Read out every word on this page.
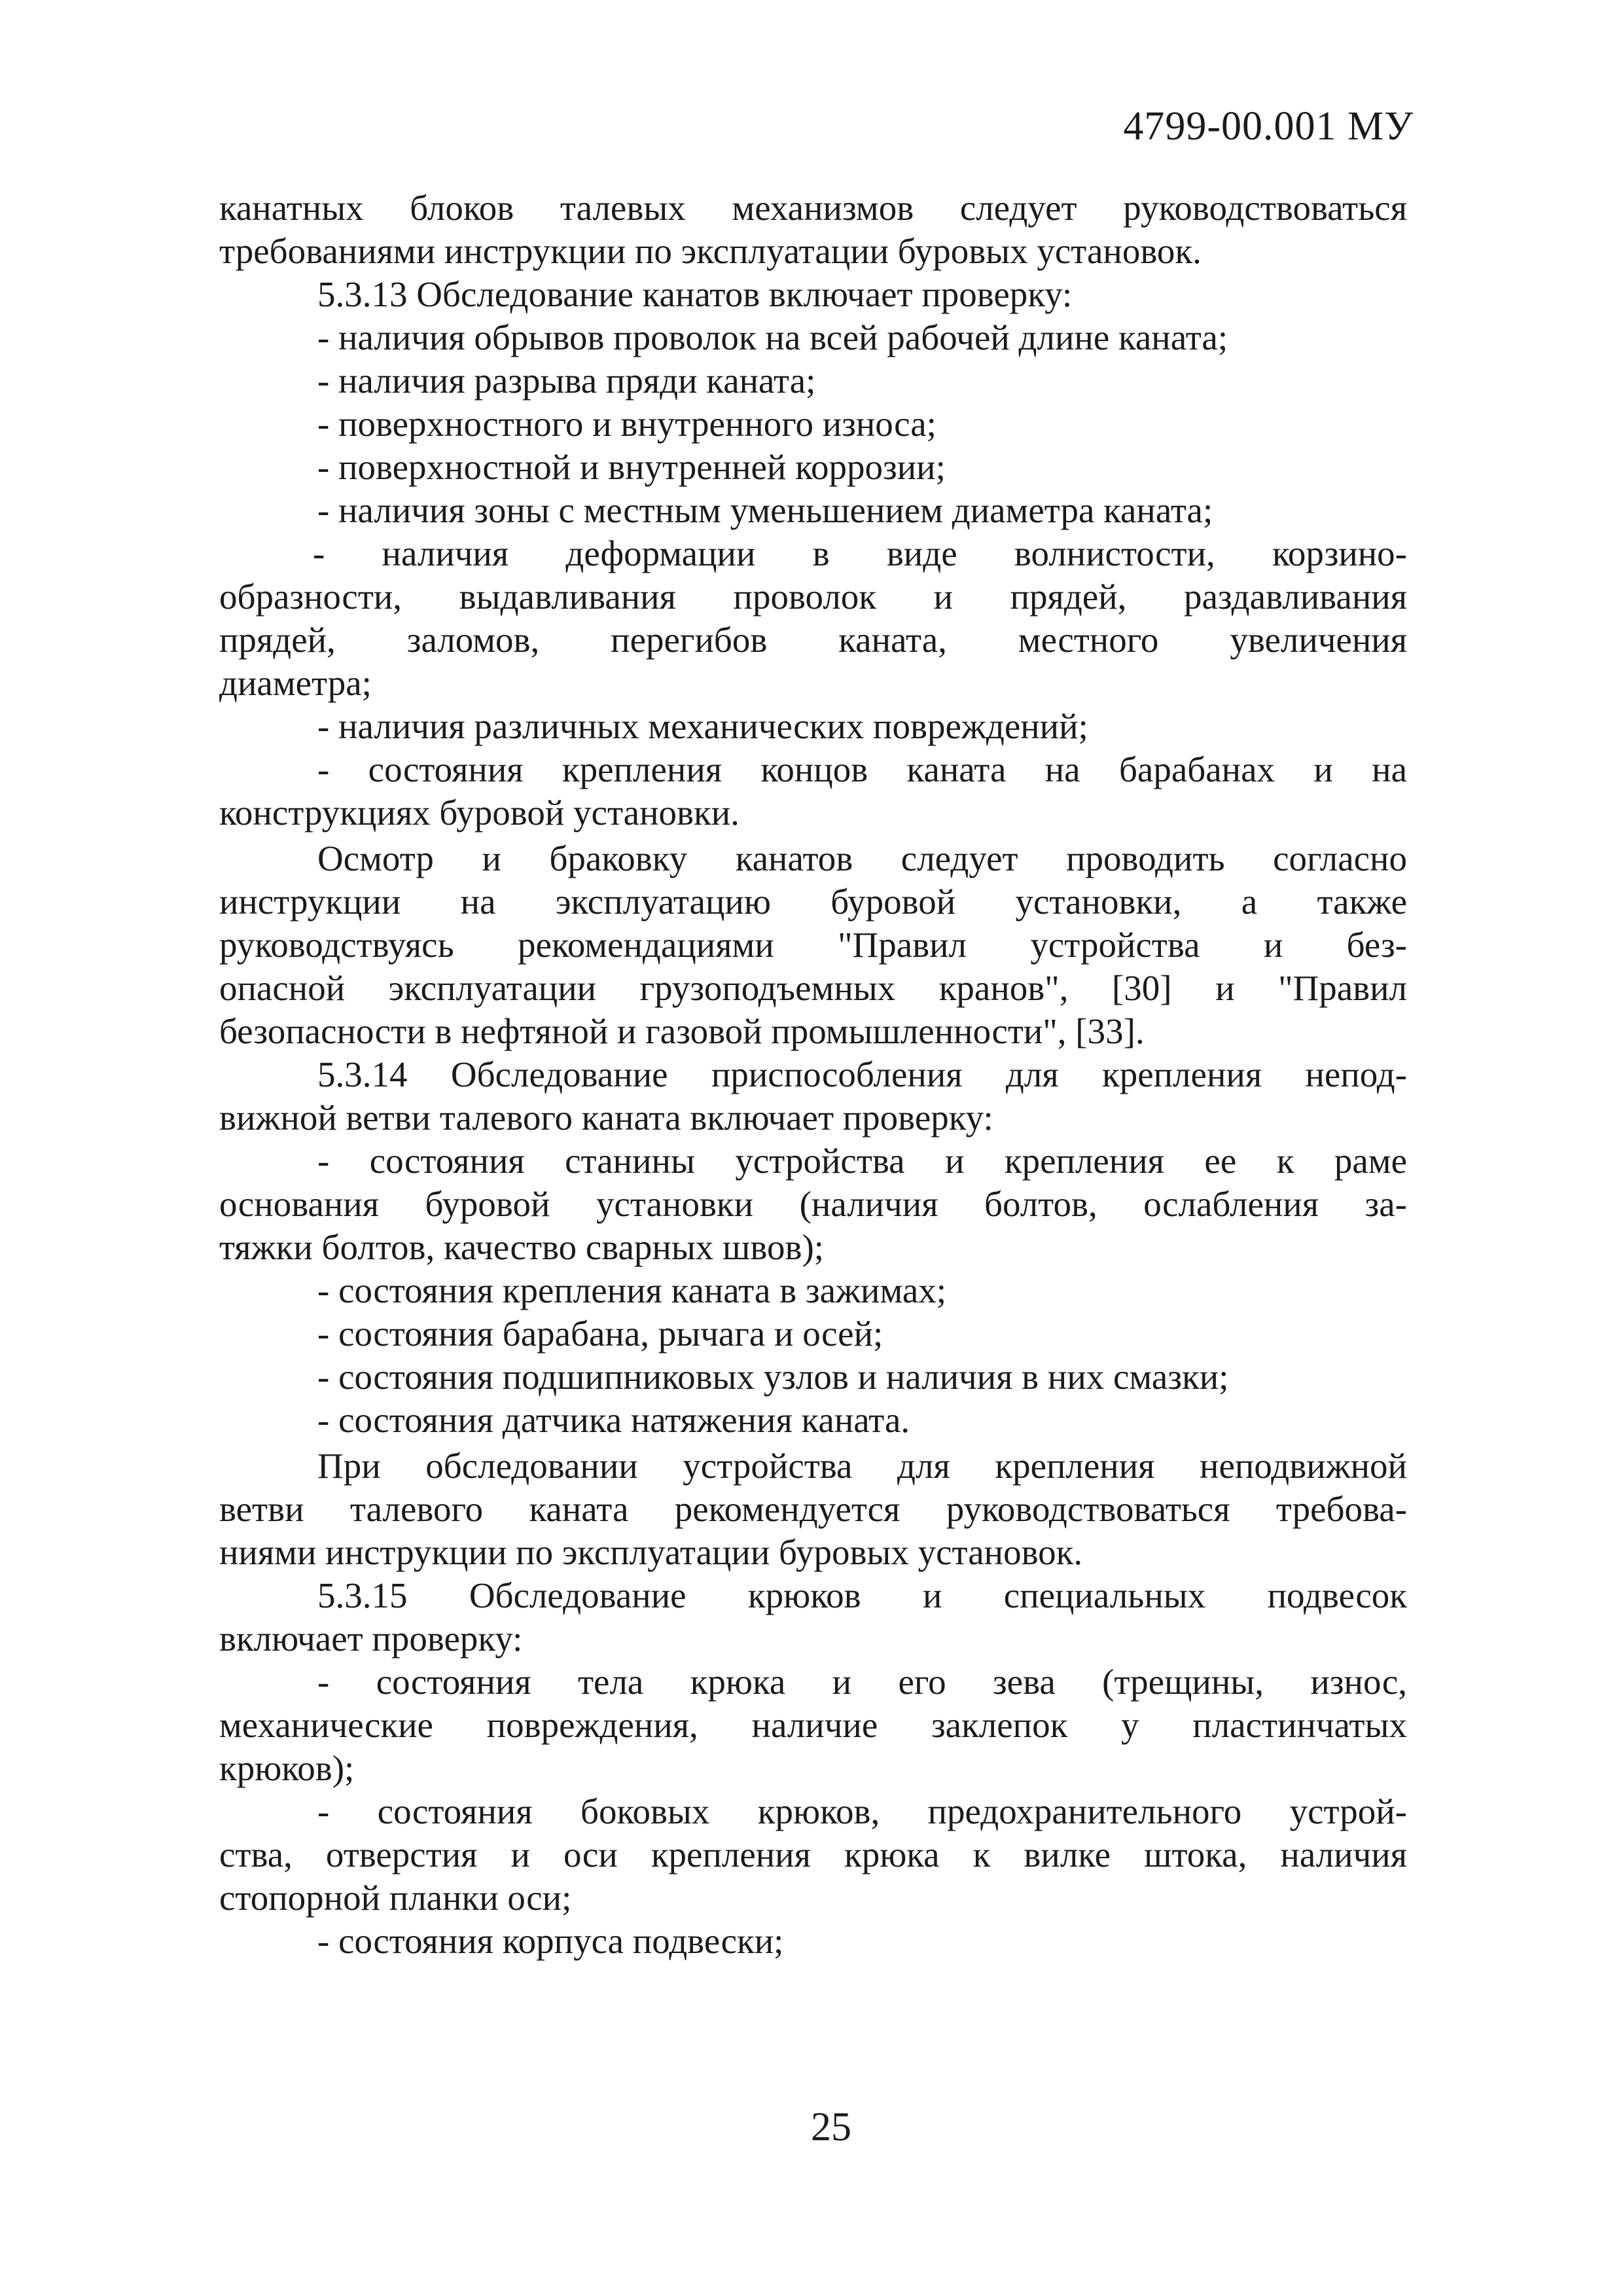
4799-00.001 МУ
канатных блоков талевых механизмов следует руководствоваться
требованиями инструкции по эксплуатации буровых установок.
5.3.13 Обследование канатов включает проверку:
- наличия обрывов проволок на всей рабочей длине каната;
- наличия разрыва пряди каната;
- поверхностного и внутренного износа;
- поверхностной и внутренней коррозии;
- наличия зоны с местным уменьшением диаметра каната;
- наличия деформации в виде волнистости, корзино-
образности, выдавливания проволок и прядей, раздавливания
прядей, заломов, перегибов каната, местного увеличения
диаметра;
- наличия различных механических повреждений;
- состояния крепления концов каната на барабанах и на
конструкциях буровой установки.
Осмотр и браковку канатов следует проводить согласно
инструкции на эксплуатацию буровой установки, а также
руководствуясь рекомендациями "Правил устройства и без-
опасной эксплуатации грузоподъемных кранов", [30] и "Правил
безопасности в нефтяной и газовой промышленности", [33].
5.3.14 Обследование приспособления для крепления непод-
вижной ветви талевого каната включает проверку:
- состояния станины устройства и крепления ее к раме
основания буровой установки (наличия болтов, ослабления за-
тяжки болтов, качество сварных швов);
- состояния крепления каната в зажимах;
- состояния барабана, рычага и осей;
- состояния подшипниковых узлов и наличия в них смазки;
- состояния датчика натяжения каната.
При обследовании устройства для крепления неподвижной
ветви талевого каната рекомендуется руководствоваться требова-
ниями инструкции по эксплуатации буровых установок.
5.3.15 Обследование крюков и специальных подвесок
включает проверку:
- состояния тела крюка и его зева (трещины, износ,
механические повреждения, наличие заклепок у пластинчатых
крюков);
- состояния боковых крюков, предохранительного устрой-
ства, отверстия и оси крепления крюка к вилке штока, наличия
стопорной планки оси;
- состояния корпуса подвески;
25
